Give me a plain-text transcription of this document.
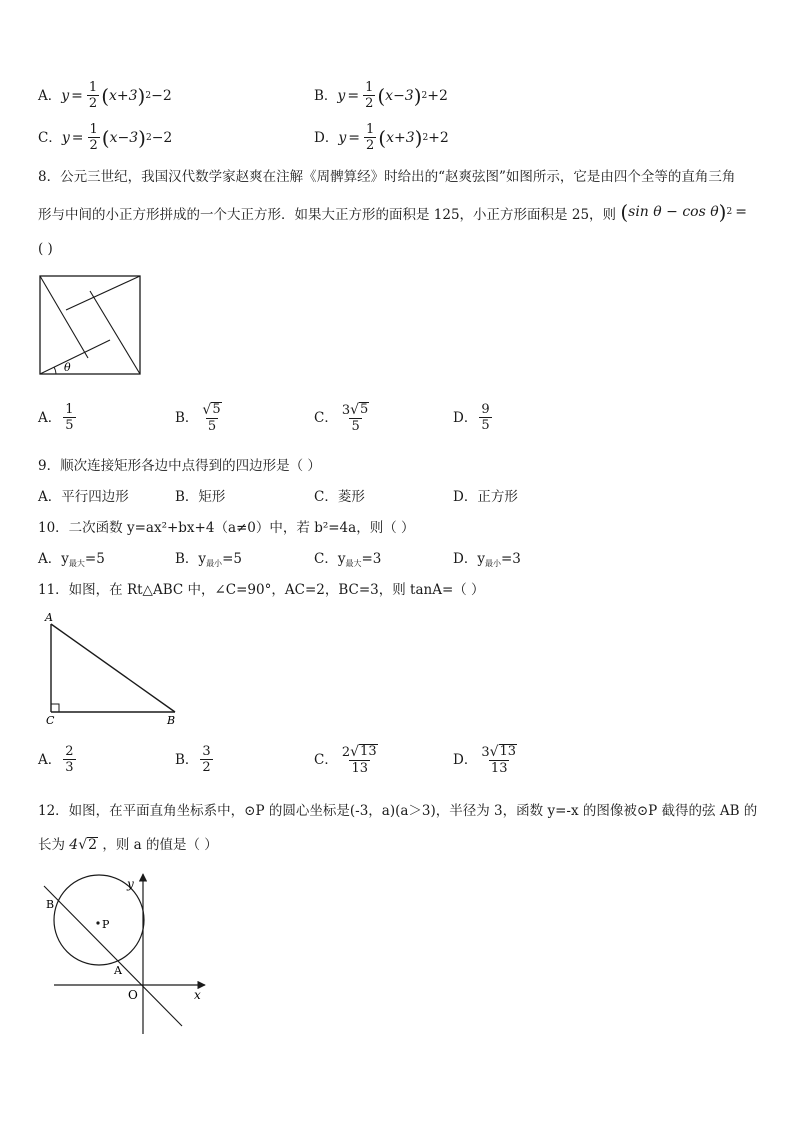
A． $y = \frac{1}{2}$ ( x+3 ) 2 −2	B． $y = \frac{1}{2}$ ( x−3 ) 2 +2
C． $y = \frac{1}{2}$ ( x−3 ) 2 −2	D． $y = \frac{1}{2}$ ( x+3 ) 2 +2
8．公元三世纪，我国汉代数学家赵爽在注解《周髀算经》时给出的“赵爽弦图”如图所示，它是由四个全等的直角三角
形与中间的小正方形拼成的一个大正方形．如果大正方形的面积是 125，小正方形面积是 25，则 ( sin θ − cos θ ) 2 =
( )
θ
A． $\frac{1}{5}$	B． $\frac{√ 5}{5}$	C． $\frac{3 √ 5}{5}$	D． $\frac{9}{5}$
9．顺次连接矩形各边中点得到的四边形是（ ）
A．平行四边形	B．矩形	C．菱形	D．正方形
10．二次函数 y=ax²+bx+4（a≠0）中，若 b²=4a，则（ ）
A．$y_{最大}=5$	B．$y_{最小}=5$	C．$y_{最大}=3$	D．$y_{最小}=3$
11．如图，在 Rt△ABC 中，∠C=90°，AC=2，BC=3，则 tanA=（ ）
A
C	B
A． $\frac{2}{3}$	B． $\frac{3}{2}$	C． $\frac{2 √ 13}{13}$	D． $\frac{3 √ 13}{13}$
12．如图，在平面直角坐标系中，⊙P 的圆心坐标是(-3，a)(a＞3)，半径为 3，函数 y=-x 的图像被⊙P 截得的弦 AB 的
长为 4 √ 2 ，则 a 的值是（ ）
P
B
A
O	x
y
